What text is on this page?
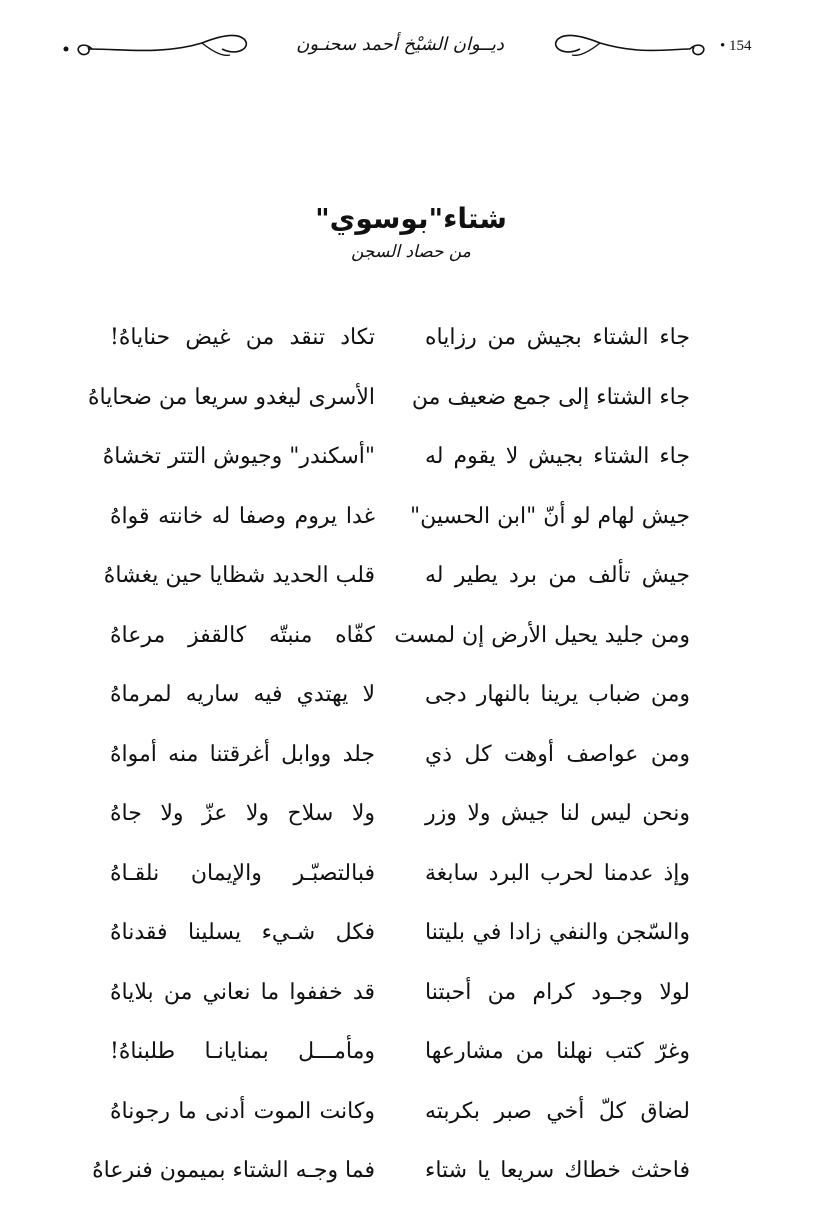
ديــوان الشيْخ أحمد سحنـون	• 154
شتاء"بوسوي"
من حصاد السجن
جاء الشتاء بجيش من رزاياه
تكاد تنقد من غيض حناياهُ!
جاء الشتاء إلى جمع ضعيف من
الأسرى ليغدو سريعا من ضحاياهُ
جاء الشتاء بجيش لا يقوم له
"أسكندر" وجيوش التتر تخشاهُ
جيش لهام لو أنّ "ابن الحسين"
غدا يروم وصفا له خانته قواهُ
جيش تألف من برد يطير له
قلب الحديد شظايا حين يغشاهُ
ومن جليد يحيل الأرض إن لمست
كفّاه منبتّه كالقفز مرعاهُ
ومن ضباب يرينا بالنهار دجى
لا يهتدي فيه ساريه لمرماهُ
ومن عواصف أوهت كل ذي
جلد ووابل أغرقتنا منه أمواهُ
ونحن ليس لنا جيش ولا وزر
ولا سلاح ولا عزّ ولا جاهُ
وإذ عدمنا لحرب البرد سابغة
فبالتصبّـر والإيمان نلقـاهُ
والسّجن والنفي زادا في بليتنا
فكل شـيء يسلينا فقدناهُ
لولا وجـود كرام من أحبتنا
قد خففوا ما نعاني من بلاياهُ
وغرّ كتب نهلنا من مشارعها
ومأمـــل بمنايانـا طلبناهُ!
لضاق كلّ أخي صبر بكربته
وكانت الموت أدنى ما رجوناهُ
فاحثث خطاك سريعا يا شتاء
فما وجـه الشتاء بميمون فنرعاهُ
